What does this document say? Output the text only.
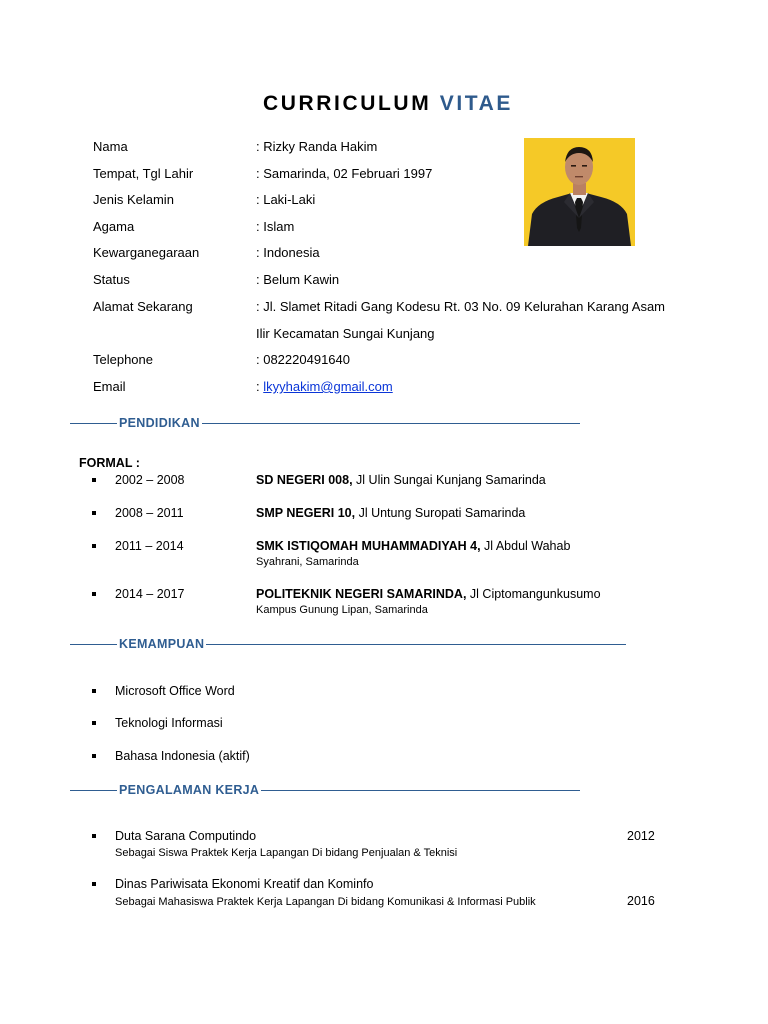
CURRICULUM VITAE
Nama	: Rizky Randa Hakim
Tempat, Tgl Lahir	: Samarinda, 02 Februari 1997
Jenis Kelamin	: Laki-Laki
Agama	: Islam
Kewarganegaraan	: Indonesia
Status	: Belum Kawin
Alamat Sekarang	: Jl. Slamet Ritadi Gang Kodesu Rt. 03 No. 09 Kelurahan Karang Asam
Ilir Kecamatan Sungai Kunjang
Telephone	: 082220491640
Email	: lkyyhakim@gmail.com
PENDIDIKAN
FORMAL :
2002 – 2008	SD NEGERI 008, Jl Ulin Sungai Kunjang Samarinda
2008 – 2011	SMP NEGERI 10, Jl Untung Suropati Samarinda
2011 – 2014	SMK ISTIQOMAH MUHAMMADIYAH 4, Jl Abdul Wahab
Syahrani, Samarinda
2014 – 2017	POLITEKNIK NEGERI SAMARINDA, Jl Ciptomangunkusumo
Kampus Gunung Lipan, Samarinda
KEMAMPUAN
Microsoft Office Word
Teknologi Informasi
Bahasa Indonesia (aktif)
PENGALAMAN KERJA
Duta Sarana Computindo
Sebagai Siswa Praktek Kerja Lapangan Di bidang Penjualan & Teknisi
2012
Dinas Pariwisata Ekonomi Kreatif dan Kominfo
Sebagai Mahasiswa Praktek Kerja Lapangan Di bidang Komunikasi & Informasi Publik	2016
